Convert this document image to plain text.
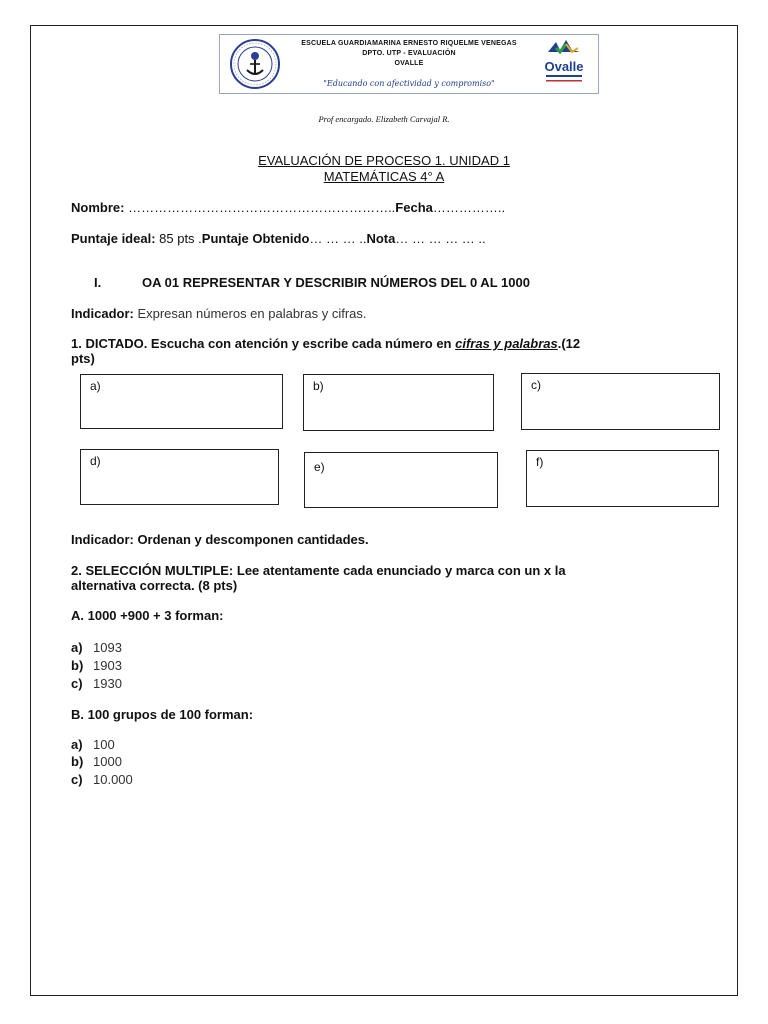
ESCUELA GUARDIAMARINA ERNESTO RIQUELME VENEGAS
DPTO. UTP - EVALUACIÓN
OVALLE
"Educando con afectividad y compromiso"
Ovalle
Prof encargado. Elizabeth Carvajal R.
EVALUACIÓN DE PROCESO 1. UNIDAD 1
MATEMÁTICAS 4° A
Nombre: ……………………………………………………..Fecha……………..
Puntaje ideal: 85 pts .Puntaje Obtenido… … … ..Nota… … … … … ..
I.	OA 01 REPRESENTAR Y DESCRIBIR NÚMEROS DEL 0 AL 1000
Indicador: Expresan números en palabras y cifras.
1. DICTADO. Escucha con atención y escribe cada número en cifras y palabras.(12
pts)
a)	b)	c)
d)	e)	f)
Indicador: Ordenan y descomponen cantidades.
2. SELECCIÓN MULTIPLE: Lee atentamente cada enunciado y marca con un x la
alternativa correcta. (8 pts)
A. 1000 +900 + 3 forman:
a) 1093
b) 1903
c) 1930
B. 100 grupos de 100 forman:
a) 100
b) 1000
c) 10.000
